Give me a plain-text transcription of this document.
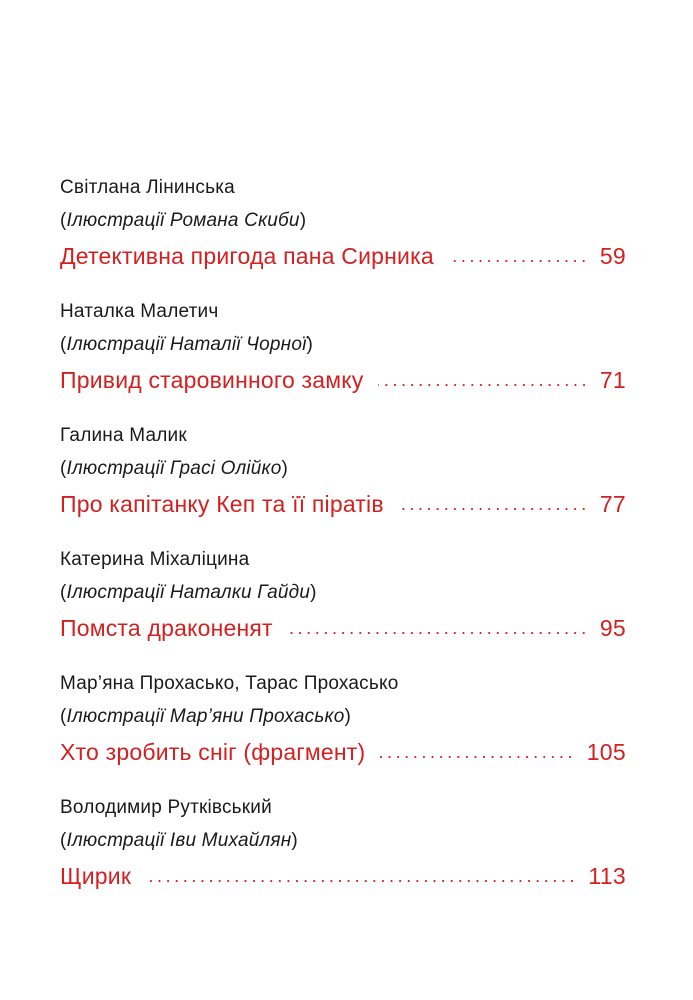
Світлана Лінинська
(Ілюстрації Романа Скиби)
Детективна пригода пана Сирника	59
Наталка Малетич
(Ілюстрації Наталії Чорної)
Привид старовинного замку	71
Галина Малик
(Ілюстрації Грасі Олійко)
Про капітанку Кеп та її піратів	77
Катерина Міхаліцина
(Ілюстрації Наталки Гайди)
Помста драконенят	95
Мар’яна Прохасько, Тарас Прохасько
(Ілюстрації Мар’яни Прохасько)
Хто зробить сніг (фрагмент)	105
Володимир Рутківський
(Ілюстрації Іви Михайлян)
Щирик	113
